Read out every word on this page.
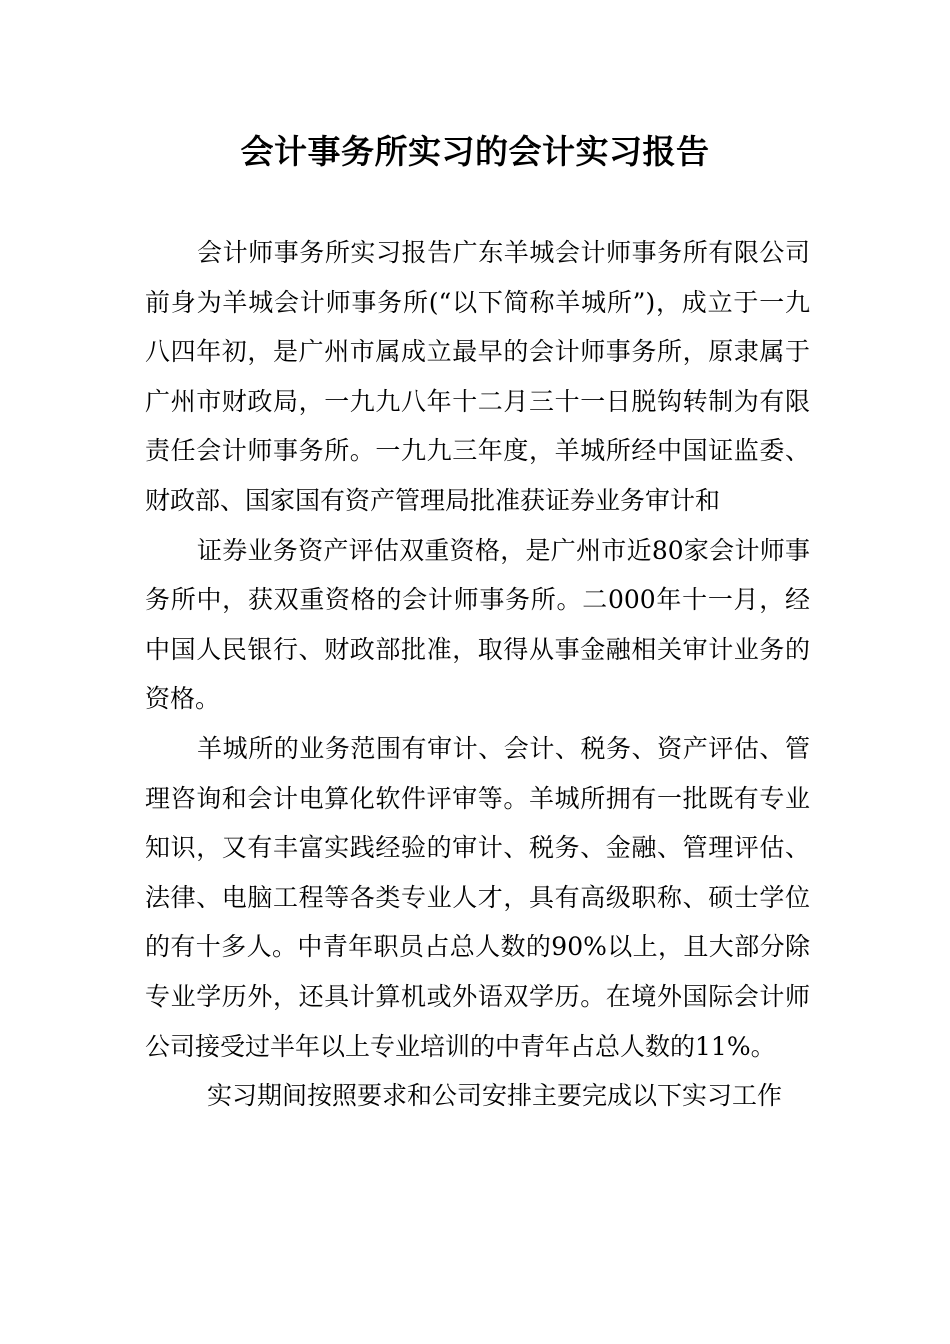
会计事务所实习的会计实习报告

会计师事务所实习报告广东羊城会计师事务所有限公司前身为羊城会计师事务所(“以下简称羊城所”)，成立于一九八四年初，是广州市属成立最早的会计师事务所，原隶属于广州市财政局，一九九八年十二月三十一日脱钩转制为有限责任会计师事务所。一九九三年度，羊城所经中国证监委、财政部、国家国有资产管理局批准获证券业务审计和

证券业务资产评估双重资格，是广州市近80家会计师事务所中，获双重资格的会计师事务所。二000年十一月，经中国人民银行、财政部批准，取得从事金融相关审计业务的资格。

羊城所的业务范围有审计、会计、税务、资产评估、管理咨询和会计电算化软件评审等。羊城所拥有一批既有专业知识，又有丰富实践经验的审计、税务、金融、管理评估、法律、电脑工程等各类专业人才，具有高级职称、硕士学位的有十多人。中青年职员占总人数的90%以上，且大部分除专业学历外，还具计算机或外语双学历。在境外国际会计师公司接受过半年以上专业培训的中青年占总人数的11%。

实习期间按照要求和公司安排主要完成以下实习工作
